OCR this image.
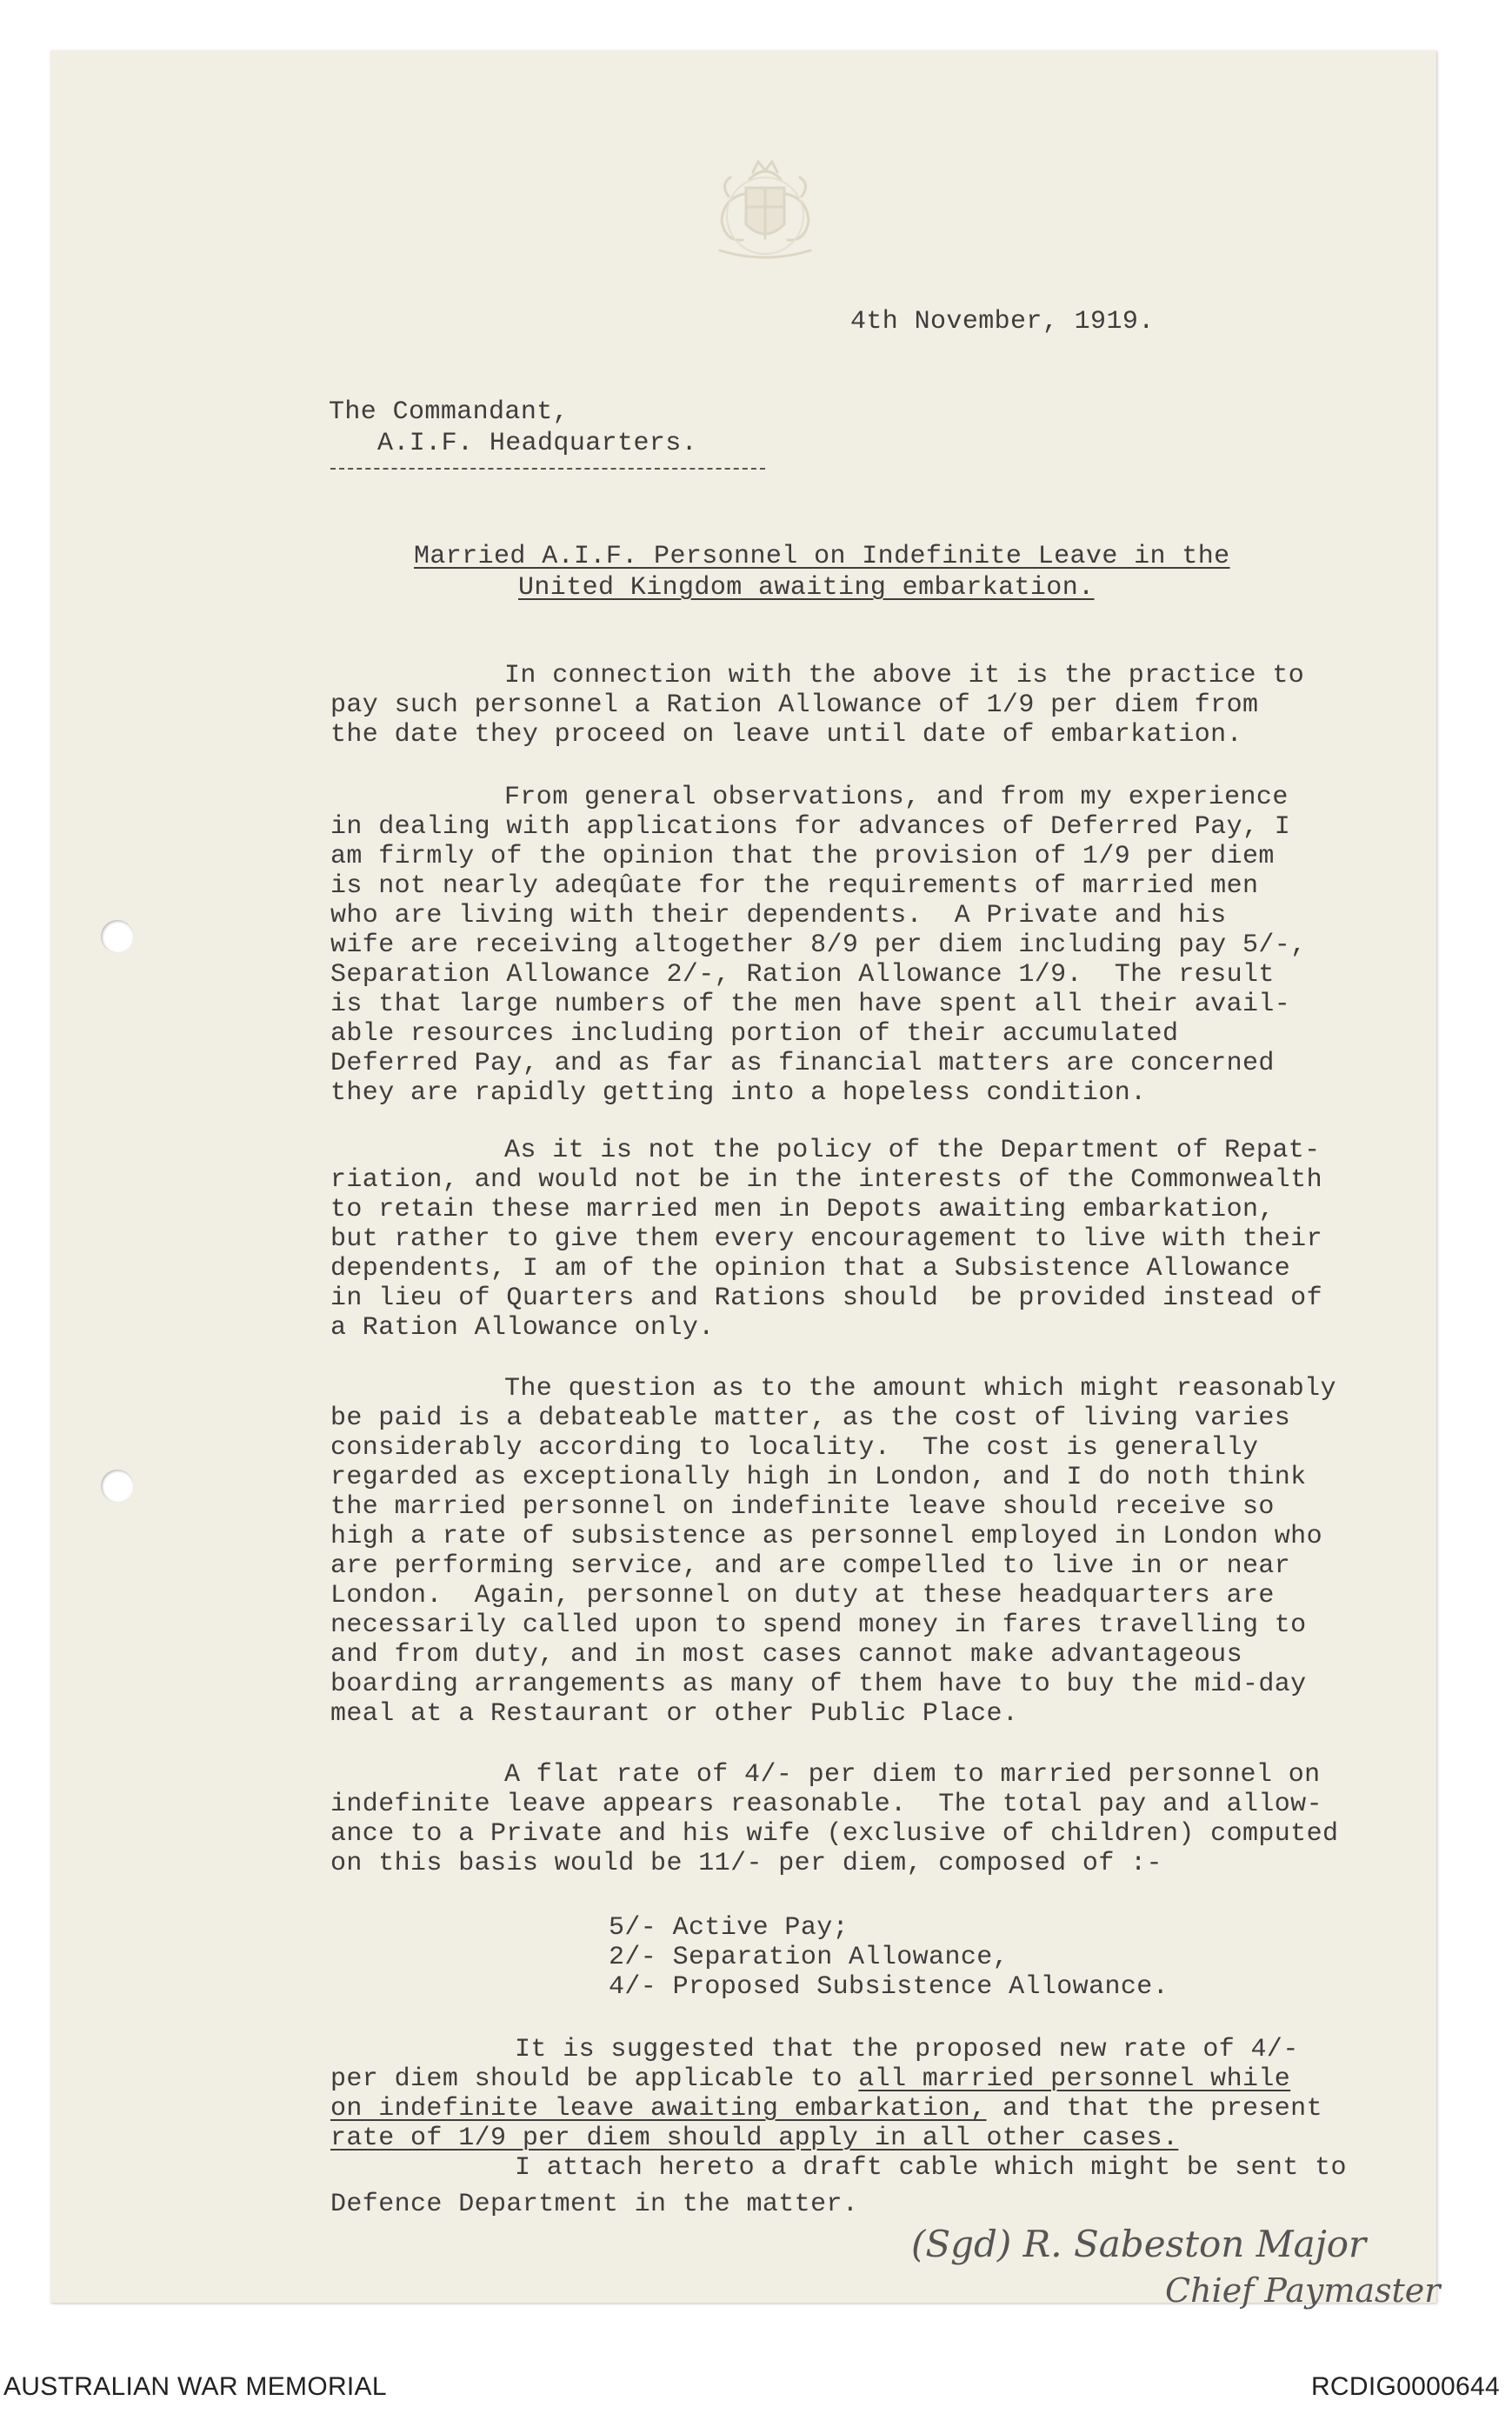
4th November, 1919.

The Commandant,

A.I.F. Headquarters.

Married A.I.F. Personnel on Indefinite Leave in the

United Kingdom awaiting embarkation.

In connection with the above it is the practice to
pay such personnel a Ration Allowance of 1/9 per diem from
the date they proceed on leave until date of embarkation.
From general observations, and from my experience
in dealing with applications for advances of Deferred Pay, I
am firmly of the opinion that the provision of 1/9 per diem
is not nearly adeqûate for the requirements of married men
who are living with their dependents.  A Private and his
wife are receiving altogether 8/9 per diem including pay 5/-,
Separation Allowance 2/-, Ration Allowance 1/9.  The result
is that large numbers of the men have spent all their avail-
able resources including portion of their accumulated
Deferred Pay, and as far as financial matters are concerned
they are rapidly getting into a hopeless condition.
As it is not the policy of the Department of Repat-
riation, and would not be in the interests of the Commonwealth
to retain these married men in Depots awaiting embarkation,
but rather to give them every encouragement to live with their
dependents, I am of the opinion that a Subsistence Allowance
in lieu of Quarters and Rations should  be provided instead of
a Ration Allowance only.
The question as to the amount which might reasonably
be paid is a debateable matter, as the cost of living varies
considerably according to locality.  The cost is generally
regarded as exceptionally high in London, and I do noth think
the married personnel on indefinite leave should receive so
high a rate of subsistence as personnel employed in London who
are performing service, and are compelled to live in or near
London.  Again, personnel on duty at these headquarters are
necessarily called upon to spend money in fares travelling to
and from duty, and in most cases cannot make advantageous
boarding arrangements as many of them have to buy the mid-day
meal at a Restaurant or other Public Place.
A flat rate of 4/- per diem to married personnel on
indefinite leave appears reasonable.  The total pay and allow-
ance to a Private and his wife (exclusive of children) computed
on this basis would be 11/- per diem, composed of :-
5/- Active Pay;
2/- Separation Allowance,
4/- Proposed Subsistence Allowance.
It is suggested that the proposed new rate of 4/-
per diem should be applicable to all married personnel while
on indefinite leave awaiting embarkation, and that the present
rate of 1/9 per diem should apply in all other cases.
I attach hereto a draft cable which might be sent to
Defence Department in the matter.
(Sgd) R. Sabeston Major
Chief Paymaster
AUSTRALIAN WAR MEMORIAL	RCDIG0000644
